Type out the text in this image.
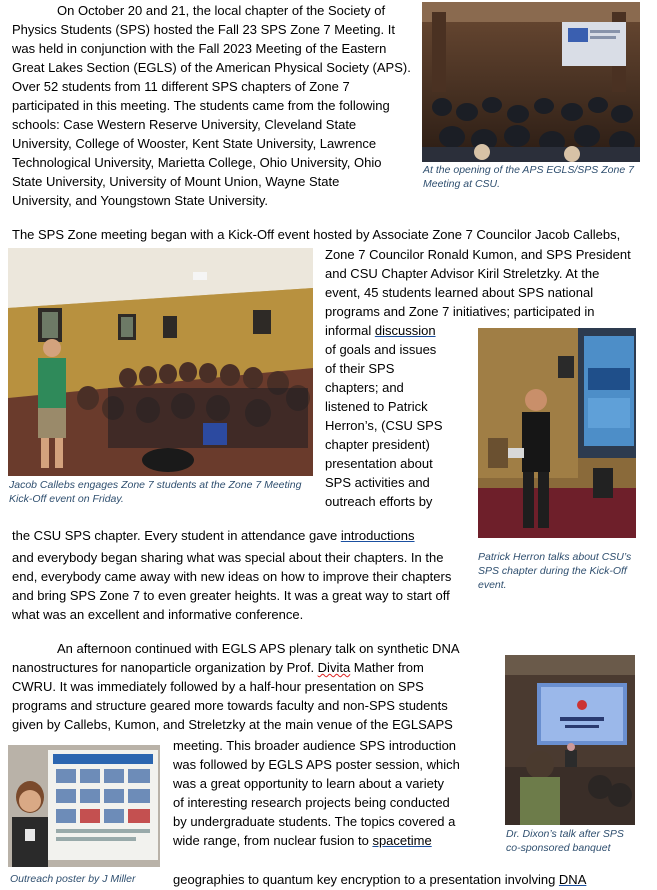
On October 20 and 21, the local chapter of the Society of
Physics Students (SPS) hosted the Fall 23 SPS Zone 7 Meeting. It
was held in conjunction with the Fall 2023 Meeting of the Eastern
Great Lakes Section (EGLS) of the American Physical Society (APS).
Over 52 students from 11 different SPS chapters of Zone 7
participated in this meeting. The students came from the following
schools: Case Western Reserve University, Cleveland State
University, College of Wooster, Kent State University, Lawrence
Technological University, Marietta College, Ohio University, Ohio
State University, University of Mount Union, Wayne State
University, and Youngstown State University.
At the opening of the APS EGLS/SPS Zone 7
Meeting at CSU.
The SPS Zone meeting began with a Kick-Off event hosted by Associate Zone 7 Councilor Jacob Callebs,
Zone 7 Councilor Ronald Kumon, and SPS President
and CSU Chapter Advisor Kiril Streletzky. At the
event, 45 students learned about SPS national
programs and Zone 7 initiatives; participated in
informal discussion
of goals and issues
of their SPS
chapters; and
listened to Patrick
Herron’s, (CSU SPS
chapter president)
presentation about
SPS activities and
outreach efforts by
the CSU SPS chapter. Every student in attendance gave introductions
and everybody began sharing what was special about their chapters. In the
end, everybody came away with new ideas on how to improve their chapters
and bring SPS Zone 7 to even greater heights. It was a great way to start off
what was an excellent and informative conference.
Jacob Callebs engages Zone 7 students at the Zone 7 Meeting
Kick-Off event on Friday.
Patrick Herron talks about CSU’s
SPS chapter during the Kick-Off
event.
An afternoon continued with EGLS APS plenary talk on synthetic DNA
nanostructures for nanoparticle organization by Prof. Divita Mather from
CWRU. It was immediately followed by a half-hour presentation on SPS
programs and structure geared more towards faculty and non-SPS students
given by Callebs, Kumon, and Streletzky at the main venue of the EGLSAPS
meeting. This broader audience SPS introduction
was followed by EGLS APS poster session, which
was a great opportunity to learn about a variety
of interesting research projects being conducted
by undergraduate students. The topics covered a
wide range, from nuclear fusion to spacetime
geographies to quantum key encryption to a presentation involving DNA
Outreach poster by J Miller
Dr. Dixon’s talk after SPS
co-sponsored banquet
